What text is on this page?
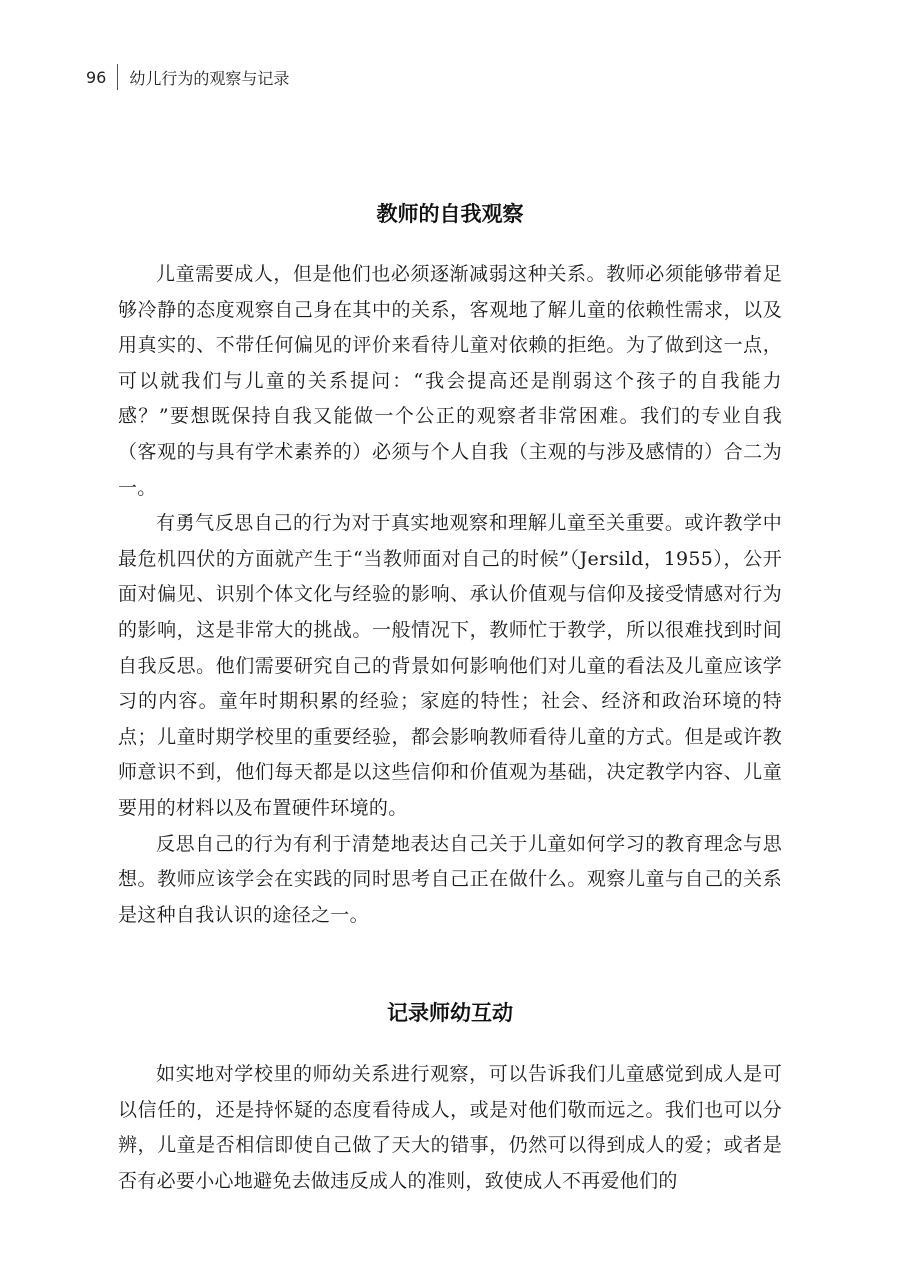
96	幼儿行为的观察与记录
教师的自我观察

儿童需要成人，但是他们也必须逐渐减弱这种关系。教师必须能够带着足够冷静的态度观察自己身在其中的关系，客观地了解儿童的依赖性需求，以及用真实的、不带任何偏见的评价来看待儿童对依赖的拒绝。为了做到这一点，可以就我们与儿童的关系提问：“我会提高还是削弱这个孩子的自我能力感？”要想既保持自我又能做一个公正的观察者非常困难。我们的专业自我（客观的与具有学术素养的）必须与个人自我（主观的与涉及感情的）合二为一。

有勇气反思自己的行为对于真实地观察和理解儿童至关重要。或许教学中最危机四伏的方面就产生于“当教师面对自己的时候”（Jersild，1955），公开面对偏见、识别个体文化与经验的影响、承认价值观与信仰及接受情感对行为的影响，这是非常大的挑战。一般情况下，教师忙于教学，所以很难找到时间自我反思。他们需要研究自己的背景如何影响他们对儿童的看法及儿童应该学习的内容。童年时期积累的经验；家庭的特性；社会、经济和政治环境的特点；儿童时期学校里的重要经验，都会影响教师看待儿童的方式。但是或许教师意识不到，他们每天都是以这些信仰和价值观为基础，决定教学内容、儿童要用的材料以及布置硬件环境的。

反思自己的行为有利于清楚地表达自己关于儿童如何学习的教育理念与思想。教师应该学会在实践的同时思考自己正在做什么。观察儿童与自己的关系是这种自我认识的途径之一。

记录师幼互动

如实地对学校里的师幼关系进行观察，可以告诉我们儿童感觉到成人是可以信任的，还是持怀疑的态度看待成人，或是对他们敬而远之。我们也可以分辨，儿童是否相信即使自己做了天大的错事，仍然可以得到成人的爱；或者是否有必要小心地避免去做违反成人的准则，致使成人不再爱他们的
